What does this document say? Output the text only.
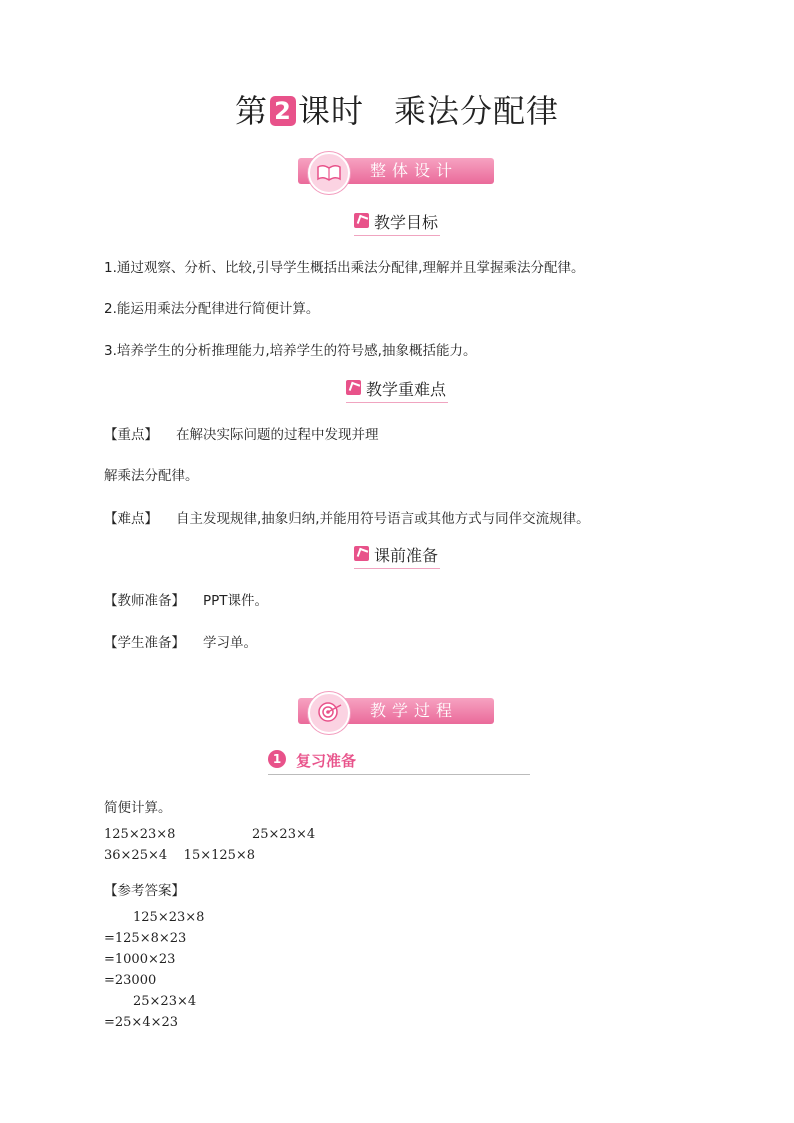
第 2 课时 乘法分配律
整体设计
教学目标
1.通过观察、分析、比较,引导学生概括出乘法分配律,理解并且掌握乘法分配律。
2.能运用乘法分配律进行简便计算。
3.培养学生的分析推理能力,培养学生的符号感,抽象概括能力。
教学重难点
【重点】 在解决实际问题的过程中发现并理
解乘法分配律。
【难点】 自主发现规律,抽象归纳,并能用符号语言或其他方式与同伴交流规律。
课前准备
【教师准备】 PPT课件。
【学生准备】 学习单。
教学过程
1 复习准备
简便计算。
125×23×8	25×23×4
36×25×4    15×125×8
【参考答案】
125×23×8
=125×8×23
=1000×23
=23000
25×23×4
=25×4×23
